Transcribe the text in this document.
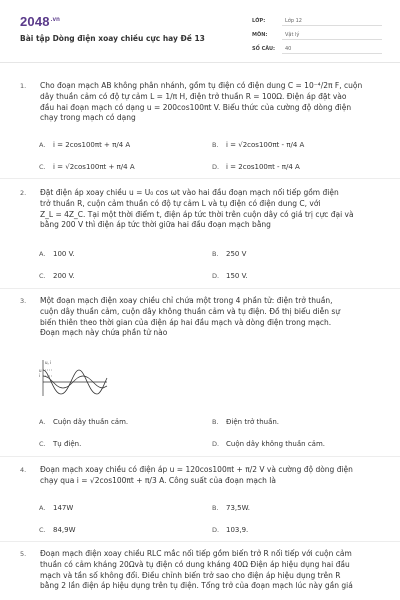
$2048^{.vn}$
Bài tập Dòng điện xoay chiều cực hay Đề 13
LỚP:	Lớp 12
MÔN:	Vật lý
SỐ CÂU: 40
1. Cho đoạn mạch AB không phân nhánh, gồm tụ điện có điện dung C = 10⁻⁴/2π F, cuộn
dây thuần cảm có độ tự cảm L = 1/π H, điện trở thuần R = 100Ω. Điện áp đặt vào
đầu hai đoạn mạch có dạng u = 200cos100πt V. Biểu thức của cường độ dòng điện
chạy trong mạch có dạng
A. i = 2cos100πt + π/4 A	B. i = √2cos100πt - π/4 A
C. i = √2cos100πt + π/4 A	D. i = 2cos100πt - π/4 A
2. Đặt điện áp xoay chiều u = U₀ cos ωt vào hai đầu đoạn mạch nối tiếp gồm điện
trở thuần R, cuộn cảm thuần có độ tự cảm L và tụ điện có điện dung C, với
Z_L = 4Z_C. Tại một thời điểm t, điện áp tức thời trên cuộn dây có giá trị cực đại và
bằng 200 V thì điện áp tức thời giữa hai đầu đoạn mạch bằng
A. 100 V.	B. 250 V
C. 200 V.	D. 150 V.
3. Một đoạn mạch điện xoay chiều chỉ chứa một trong 4 phần tử: điện trở thuần,
cuộn dây thuần cảm, cuộn dây không thuần cảm và tụ điện. Đồ thị biểu diễn sự
biến thiên theo thời gian của điện áp hai đầu mạch và dòng điện trong mạch.
Đoạn mạch này chứa phần tử nào
u, i
u
i
A. Cuộn dây thuần cảm.	B. Điện trở thuần.
C. Tụ điện.	D. Cuộn dây không thuần cảm.
4. Đoạn mạch xoay chiều có điện áp u = 120cos100πt + π/2 V và cường độ dòng điện
chạy qua i = √2cos100πt + π/3 A. Công suất của đoạn mạch là
A. 147W	B. 73,5W.
C. 84,9W	D. 103,9.
5. Đoạn mạch điện xoay chiều RLC mắc nối tiếp gồm biến trở R nối tiếp với cuộn cảm
thuần có cảm kháng 20Ωvà tụ điện có dung kháng 40Ω Điện áp hiệu dụng hai đầu
mạch và tần số không đổi. Điều chỉnh biến trở sao cho điện áp hiệu dụng trên R
bằng 2 lần điện áp hiệu dụng trên tụ điện. Tổng trở của đoạn mạch lúc này gần giá
